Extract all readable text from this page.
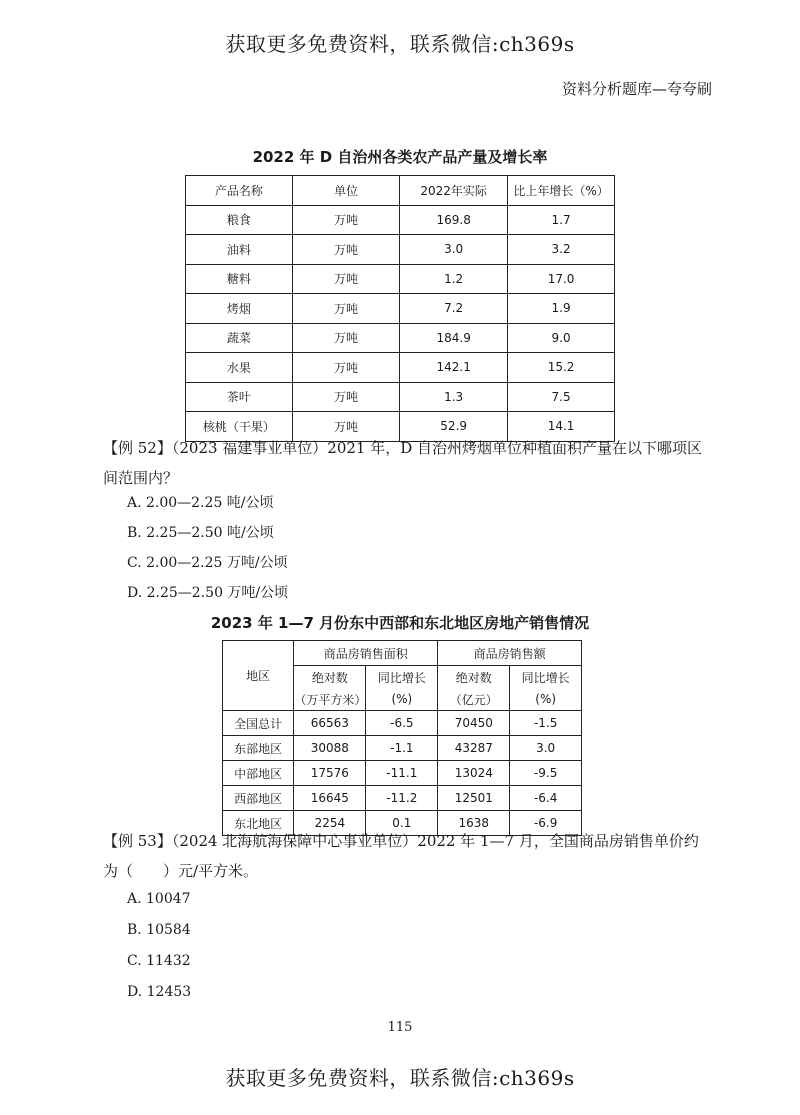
获取更多免费资料，联系微信:ch369s
资料分析题库—夸夸刷
2022 年 D 自治州各类农产品产量及增长率
产品名称	单位	2022年实际	比上年增长（%）
粮食	万吨	169.8	1.7
油料	万吨	3.0	3.2
糖料	万吨	1.2	17.0
烤烟	万吨	7.2	1.9
蔬菜	万吨	184.9	9.0
水果	万吨	142.1	15.2
茶叶	万吨	1.3	7.5
核桃（干果）	万吨	52.9	14.1
【例 52】（2023 福建事业单位）2021 年，D 自治州烤烟单位种植面积产量在以下哪项区间范围内？
A. 2.00—2.25 吨/公顷
B. 2.25—2.50 吨/公顷
C. 2.00—2.25 万吨/公顷
D. 2.25—2.50 万吨/公顷
2023 年 1—7 月份东中西部和东北地区房地产销售情况
地区	商品房销售面积		商品房销售额	
	绝对数	同比增长	绝对数	同比增长
	（万平方米）	(%)	（亿元）	(%)
全国总计	66563	-6.5	70450	-1.5
东部地区	30088	-1.1	43287	3.0
中部地区	17576	-11.1	13024	-9.5
西部地区	16645	-11.2	12501	-6.4
东北地区	2254	0.1	1638	-6.9
【例 53】（2024 北海航海保障中心事业单位）2022 年 1—7 月，全国商品房销售单价约为（　　）元/平方米。
A. 10047
B. 10584
C. 11432
D. 12453
115
获取更多免费资料，联系微信:ch369s
